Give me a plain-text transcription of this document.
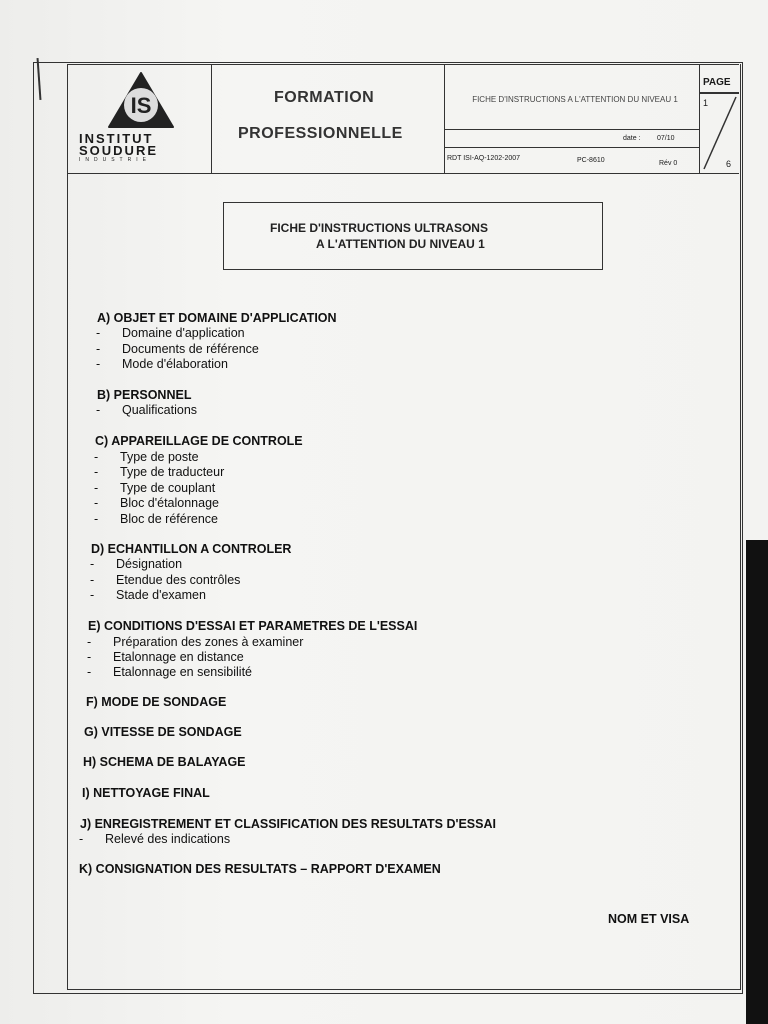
IS
INSTITUT
SOUDURE
INDUSTRIE
FORMATION
PROFESSIONNELLE
FICHE D'INSTRUCTIONS A L'ATTENTION DU NIVEAU 1
date : 07/10
RDT ISI-AQ-1202-2007	PC-8610	Rév 0
PAGE
1
6
FICHE D'INSTRUCTIONS ULTRASONS
A L'ATTENTION DU NIVEAU 1
A) OBJET ET DOMAINE D'APPLICATION
- Domaine d'application
- Documents de référence
- Mode d'élaboration
B) PERSONNEL
- Qualifications
C) APPAREILLAGE DE CONTROLE
- Type de poste
- Type de traducteur
- Type de couplant
- Bloc d'étalonnage
- Bloc de référence
D) ECHANTILLON A CONTROLER
- Désignation
- Etendue des contrôles
- Stade d'examen
E) CONDITIONS D'ESSAI ET PARAMETRES DE L'ESSAI
- Préparation des zones à examiner
- Etalonnage en distance
- Etalonnage en sensibilité
F) MODE DE SONDAGE
G) VITESSE DE SONDAGE
H) SCHEMA DE BALAYAGE
I) NETTOYAGE FINAL
J) ENREGISTREMENT ET CLASSIFICATION DES RESULTATS D'ESSAI
- Relevé des indications
K) CONSIGNATION DES RESULTATS – RAPPORT D'EXAMEN
NOM ET VISA
